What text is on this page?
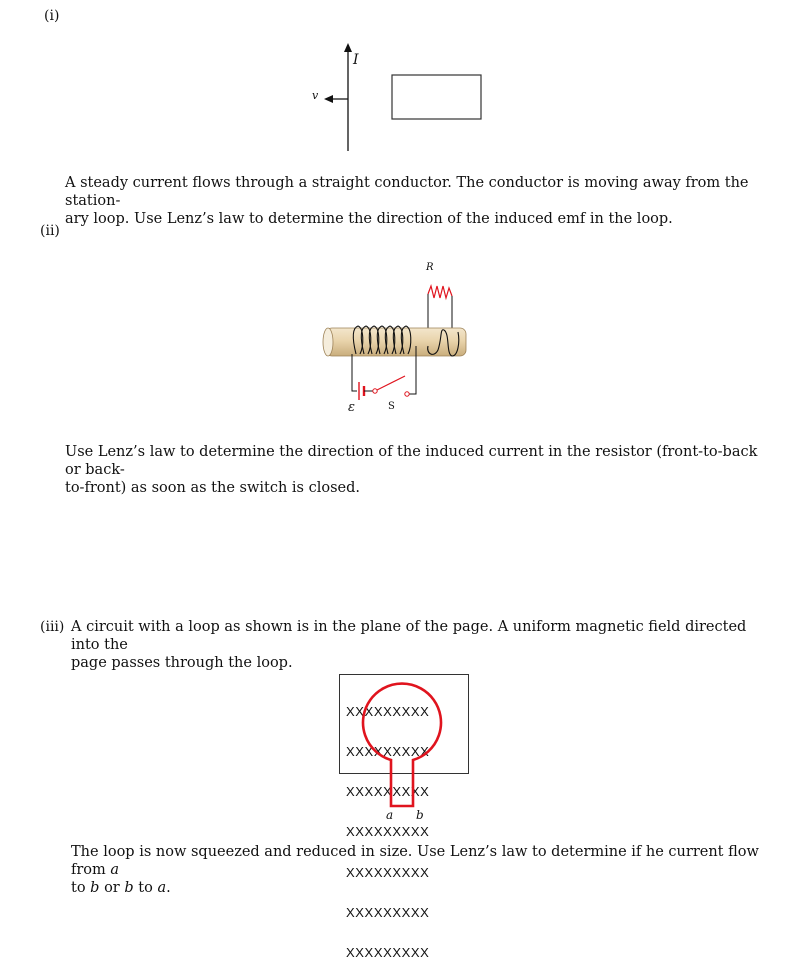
(i)
I
v
A steady current flows through a straight conductor. The conductor is moving away from the station-
ary loop. Use Lenz’s law to determine the direction of the induced emf in the loop.
(ii)
R
ε	S
Use Lenz’s law to determine the direction of the induced current in the resistor (front-to-back or back-
to-front) as soon as the switch is closed.
(iii) A circuit with a loop as shown is in the plane of the page. A uniform magnetic field directed into the
page passes through the loop.

XXXXXXXXX

XXXXXXXXX

XXXXXXXXX

XXXXXXXXX

XXXXXXXXX

XXXXXXXXX

XXXXXXXXX

a b
The loop is now squeezed and reduced in size. Use Lenz’s law to determine if he current flow from a
to b or b to a.
